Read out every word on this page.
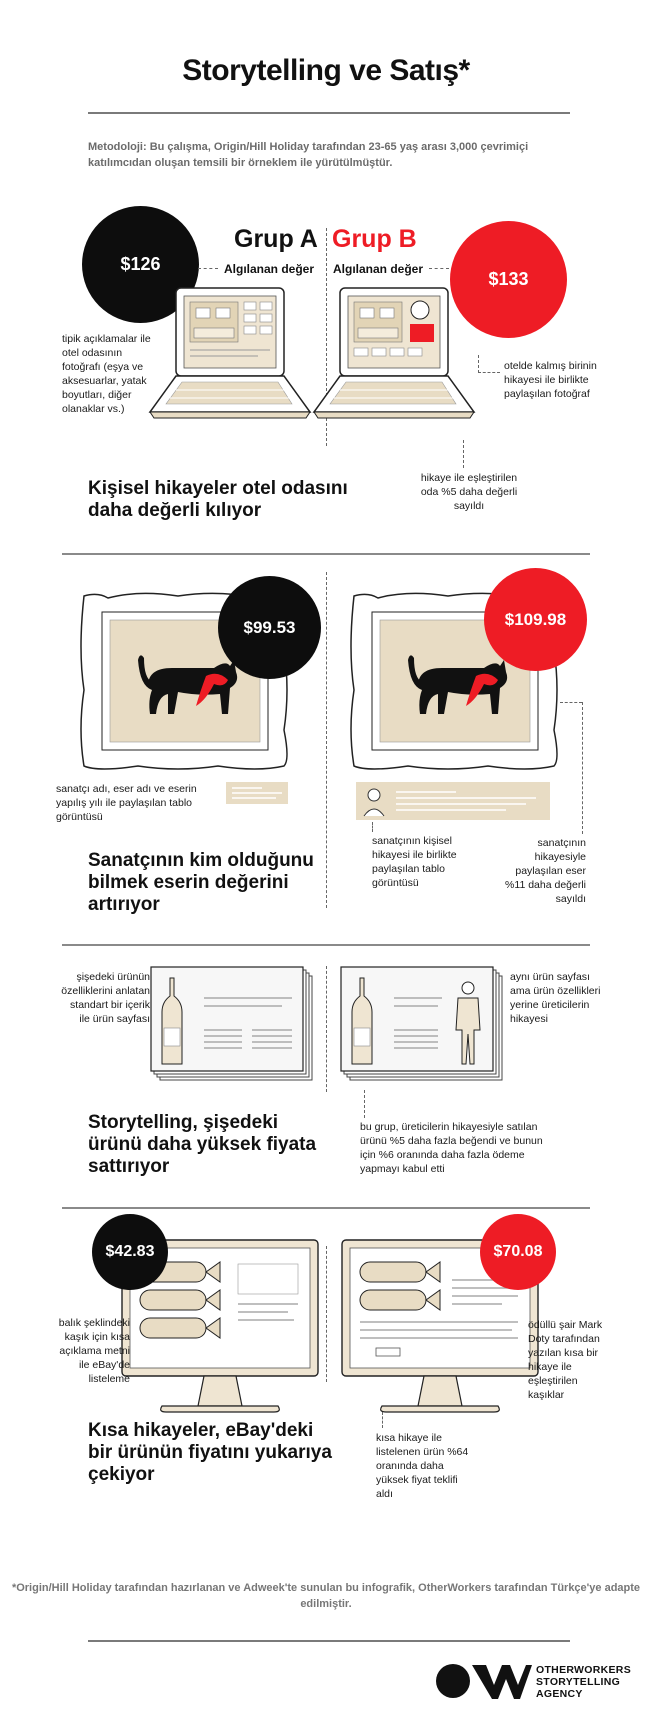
Storytelling ve Satış*
Metodoloji: Bu çalışma, Origin/Hill Holiday tarafından 23-65 yaş arası 3,000 çevrimiçi katılımcıdan oluşan temsili bir örneklem ile yürütülmüştür.
$126
$133
Grup A Grup B
Algılanan değer Algılanan değer
tipik açıklamalar ile otel odasının fotoğrafı (eşya ve aksesuarlar, yatak boyutları, diğer olanaklar vs.)
otelde kalmış birinin hikayesi ile birlikte paylaşılan fotoğraf
hikaye ile eşleştirilen oda %5 daha değerli sayıldı
Kişisel hikayeler otel odasını daha değerli kılıyor
$99.53	$109.98
sanatçı adı, eser adı ve eserin yapılış yılı ile paylaşılan tablo görüntüsü
sanatçının kişisel hikayesi ile birlikte paylaşılan tablo görüntüsü
sanatçının hikayesiyle paylaşılan eser %11 daha değerli sayıldı
Sanatçının kim olduğunu bilmek eserin değerini artırıyor
şişedeki ürünün özelliklerini anlatan standart bir içerik ile ürün sayfası
aynı ürün sayfası ama ürün özellikleri yerine üreticilerin hikayesi
bu grup, üreticilerin hikayesiyle satılan ürünü %5 daha fazla beğendi ve bunun için %6 oranında daha fazla ödeme yapmayı kabul etti
Storytelling, şişedeki ürünü daha yüksek fiyata sattırıyor
$42.83	$70.08
balık şeklindeki kaşık için kısa açıklama metni ile eBay'de listeleme
ödüllü şair Mark Doty tarafından yazılan kısa bir hikaye ile eşleştirilen kaşıklar
kısa hikaye ile listelenen ürün %64 oranında daha yüksek fiyat teklifi aldı
Kısa hikayeler, eBay'deki bir ürünün fiyatını yukarıya çekiyor
*Origin/Hill Holiday tarafından hazırlanan ve Adweek'te sunulan bu infografik, OtherWorkers tarafından Türkçe'ye adapte edilmiştir.
OTHERWORKERS
STORYTELLING
AGENCY
